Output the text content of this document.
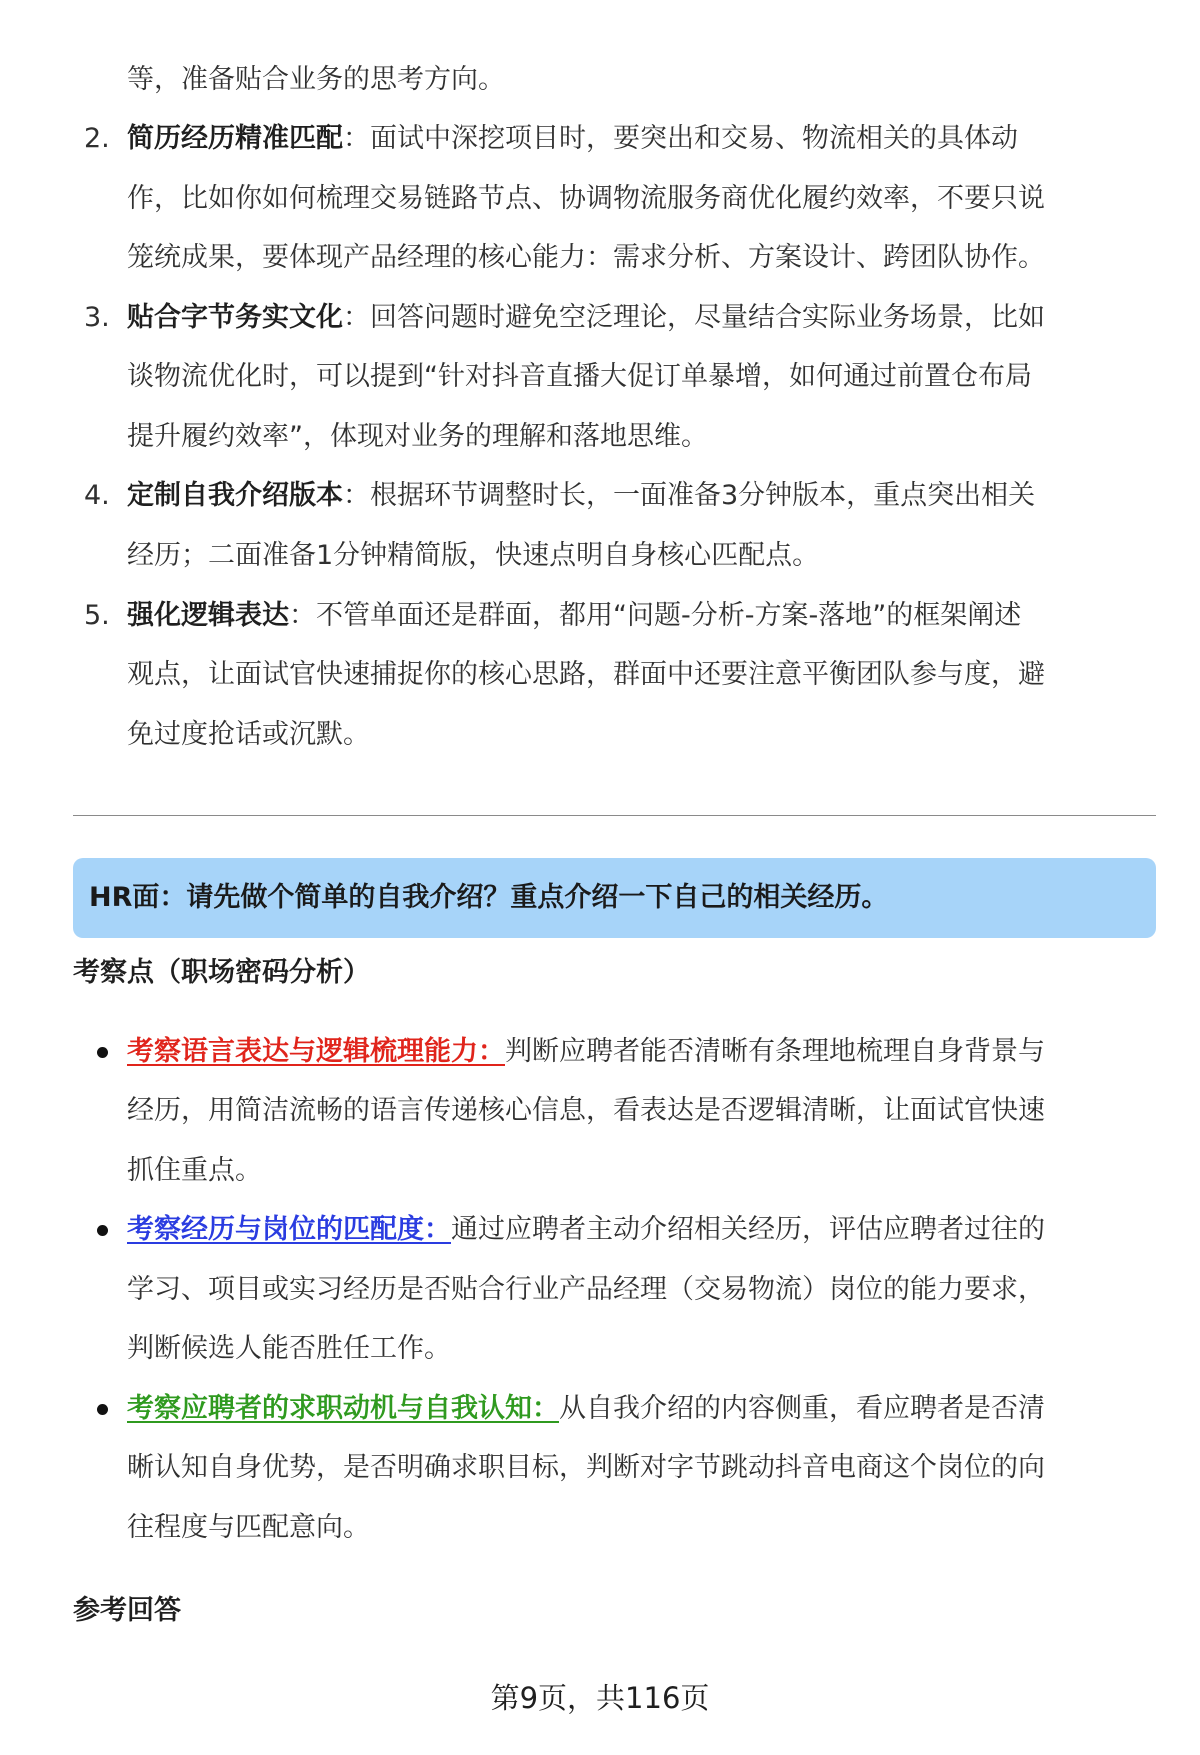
等，准备贴合业务的思考方向。
2. 简历经历精准匹配：面试中深挖项目时，要突出和交易、物流相关的具体动
作，比如你如何梳理交易链路节点、协调物流服务商优化履约效率，不要只说
笼统成果，要体现产品经理的核心能力：需求分析、方案设计、跨团队协作。
3. 贴合字节务实文化：回答问题时避免空泛理论，尽量结合实际业务场景，比如
谈物流优化时，可以提到“针对抖音直播大促订单暴增，如何通过前置仓布局
提升履约效率”，体现对业务的理解和落地思维。
4. 定制自我介绍版本：根据环节调整时长，一面准备3分钟版本，重点突出相关
经历；二面准备1分钟精简版，快速点明自身核心匹配点。
5. 强化逻辑表达：不管单面还是群面，都用“问题-分析-方案-落地”的框架阐述
观点，让面试官快速捕捉你的核心思路，群面中还要注意平衡团队参与度，避
免过度抢话或沉默。
HR面：请先做个简单的自我介绍？重点介绍一下自己的相关经历。
考察点（职场密码分析）
考察语言表达与逻辑梳理能力：判断应聘者能否清晰有条理地梳理自身背景与
经历，用简洁流畅的语言传递核心信息，看表达是否逻辑清晰，让面试官快速
抓住重点。
考察经历与岗位的匹配度：通过应聘者主动介绍相关经历，评估应聘者过往的
学习、项目或实习经历是否贴合行业产品经理（交易物流）岗位的能力要求，
判断候选人能否胜任工作。
考察应聘者的求职动机与自我认知：从自我介绍的内容侧重，看应聘者是否清
晰认知自身优势，是否明确求职目标，判断对字节跳动抖音电商这个岗位的向
往程度与匹配意向。
参考回答
第9页，共116页
